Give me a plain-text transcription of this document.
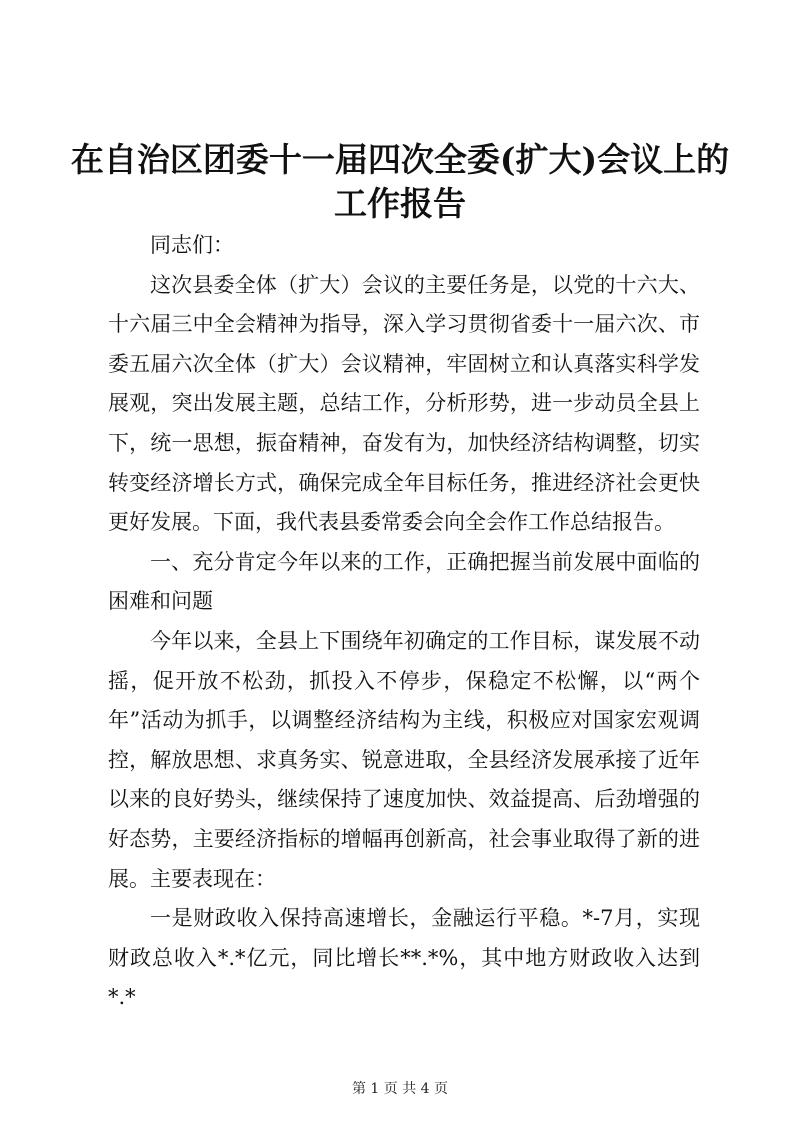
在自治区团委十一届四次全委(扩大)会议上的
工作报告

同志们：

这次县委全体（扩大）会议的主要任务是，以党的十六大、十六届三中全会精神为指导，深入学习贯彻省委十一届六次、市委五届六次全体（扩大）会议精神，牢固树立和认真落实科学发展观，突出发展主题，总结工作，分析形势，进一步动员全县上下，统一思想，振奋精神，奋发有为，加快经济结构调整，切实转变经济增长方式，确保完成全年目标任务，推进经济社会更快更好发展。下面，我代表县委常委会向全会作工作总结报告。

一、充分肯定今年以来的工作，正确把握当前发展中面临的困难和问题

今年以来，全县上下围绕年初确定的工作目标，谋发展不动摇，促开放不松劲，抓投入不停步，保稳定不松懈，以“两个年”活动为抓手，以调整经济结构为主线，积极应对国家宏观调控，解放思想、求真务实、锐意进取，全县经济发展承接了近年以来的良好势头，继续保持了速度加快、效益提高、后劲增强的好态势，主要经济指标的增幅再创新高，社会事业取得了新的进展。主要表现在：

一是财政收入保持高速增长，金融运行平稳。*-7月，实现财政总收入*.*亿元，同比增长**.*%，其中地方财政收入达到*.*

第 1 页 共 4 页
